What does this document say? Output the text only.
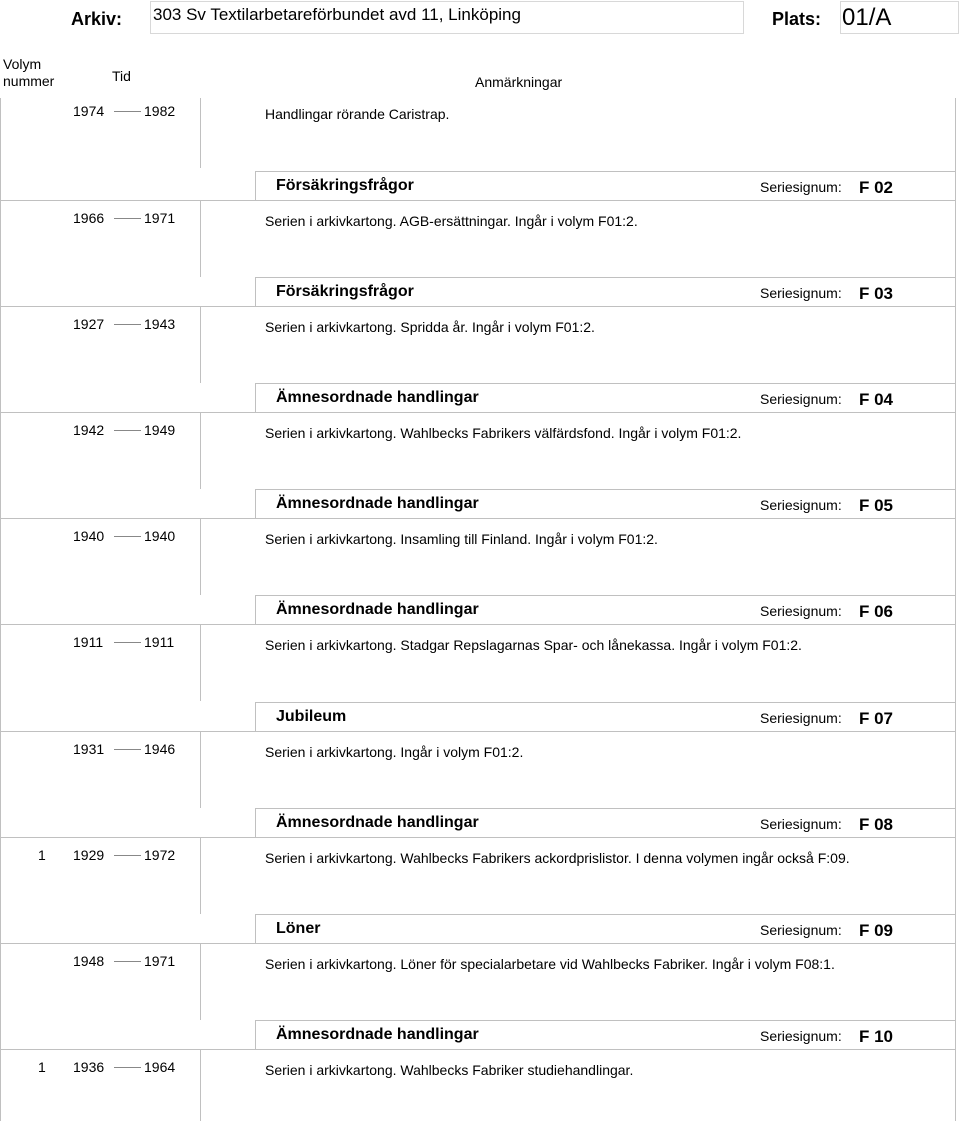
Arkiv: 303 Sv Textilarbetareförbundet avd 11, Linköping	Plats: 01/A
Volym
nummer	Tid	Anmärkningar
1974	1982	Handlingar rörande Caristrap.
Försäkringsfrågor	Seriesignum: F 02
1966	1971	Serien i arkivkartong. AGB-ersättningar. Ingår i volym F01:2.
Försäkringsfrågor	Seriesignum: F 03
1927	1943	Serien i arkivkartong. Spridda år. Ingår i volym F01:2.
Ämnesordnade handlingar	Seriesignum: F 04
1942	1949	Serien i arkivkartong. Wahlbecks Fabrikers välfärdsfond. Ingår i volym F01:2.
Ämnesordnade handlingar	Seriesignum: F 05
1940	1940	Serien i arkivkartong. Insamling till Finland. Ingår i volym F01:2.
Ämnesordnade handlingar	Seriesignum: F 06
1911	1911	Serien i arkivkartong. Stadgar Repslagarnas Spar- och lånekassa. Ingår i volym F01:2.
Jubileum	Seriesignum: F 07
1931	1946	Serien i arkivkartong. Ingår i volym F01:2.
Ämnesordnade handlingar	Seriesignum: F 08
1 1929	1972	Serien i arkivkartong. Wahlbecks Fabrikers ackordprislistor. I denna volymen ingår också F:09.
Löner	Seriesignum: F 09
1948	1971	Serien i arkivkartong. Löner för specialarbetare vid Wahlbecks Fabriker. Ingår i volym F08:1.
Ämnesordnade handlingar	Seriesignum: F 10
1 1936	1964	Serien i arkivkartong. Wahlbecks Fabriker studiehandlingar.
